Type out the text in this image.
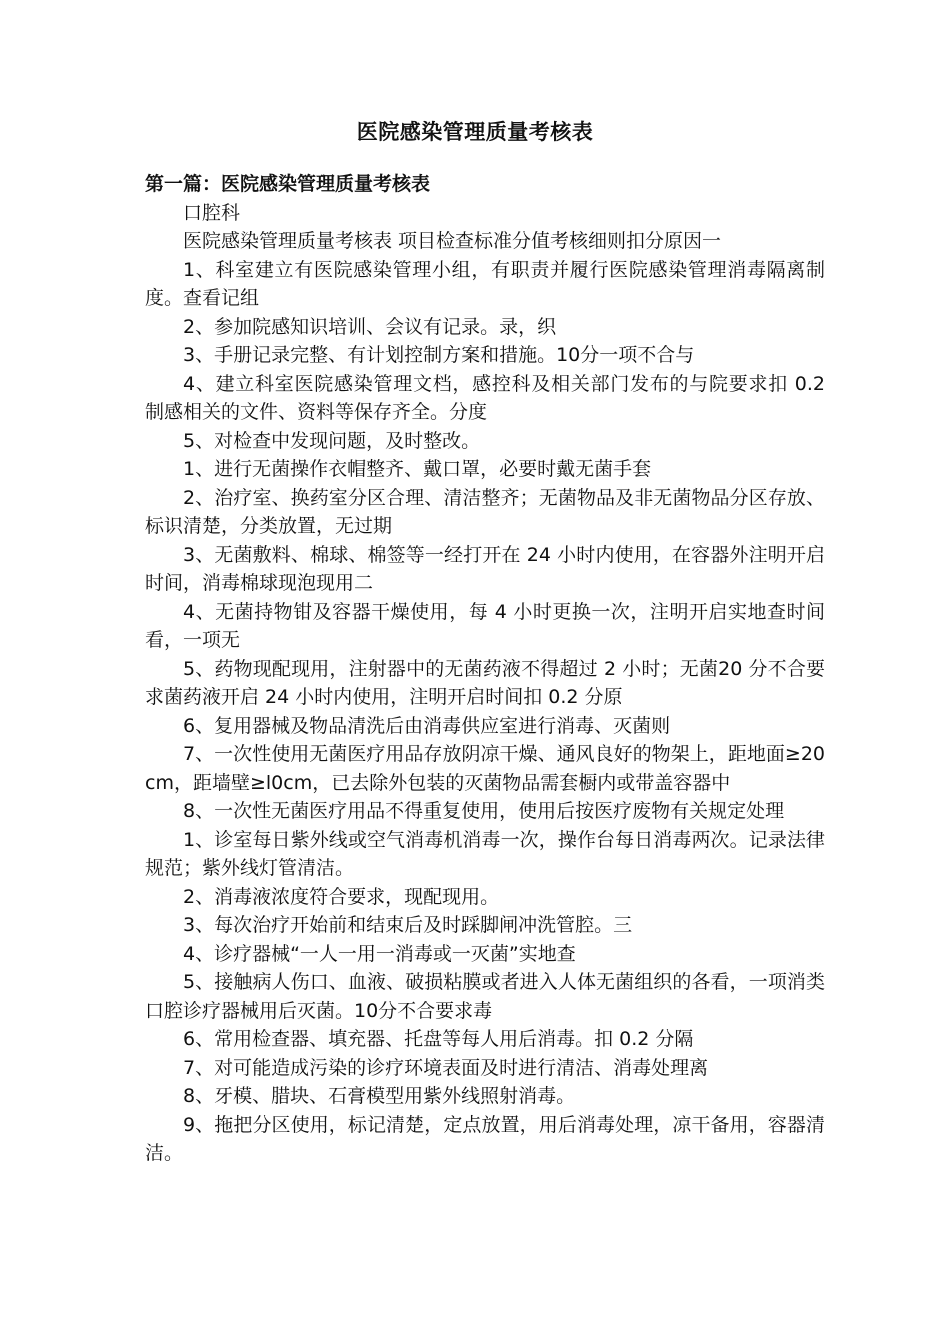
医院感染管理质量考核表

第一篇：医院感染管理质量考核表

口腔科

医院感染管理质量考核表 项目检查标准分值考核细则扣分原因一

1、科室建立有医院感染管理小组，有职责并履行医院感染管理消毒隔离制度。查看记组

2、参加院感知识培训、会议有记录。录，织

3、手册记录完整、有计划控制方案和措施。10分一项不合与

4、建立科室医院感染管理文档，感控科及相关部门发布的与院要求扣 0.2 制感相关的文件、资料等保存齐全。分度

5、对检查中发现问题，及时整改。

1、进行无菌操作衣帽整齐、戴口罩，必要时戴无菌手套

2、治疗室、换药室分区合理、清洁整齐；无菌物品及非无菌物品分区存放、标识清楚，分类放置，无过期

3、无菌敷料、棉球、棉签等一经打开在 24 小时内使用，在容器外注明开启时间，消毒棉球现泡现用二

4、无菌持物钳及容器干燥使用，每 4 小时更换一次，注明开启实地查时间看，一项无

5、药物现配现用，注射器中的无菌药液不得超过 2 小时；无菌20 分不合要求菌药液开启 24 小时内使用，注明开启时间扣 0.2 分原

6、复用器械及物品清洗后由消毒供应室进行消毒、灭菌则

7、一次性使用无菌医疗用品存放阴凉干燥、通风良好的物架上，距地面≥20cm，距墙壁≥l0cm，已去除外包装的灭菌物品需套橱内或带盖容器中

8、一次性无菌医疗用品不得重复使用，使用后按医疗废物有关规定处理

1、诊室每日紫外线或空气消毒机消毒一次，操作台每日消毒两次。记录法律规范；紫外线灯管清洁。

2、消毒液浓度符合要求，现配现用。

3、每次治疗开始前和结束后及时踩脚闸冲洗管腔。三

4、诊疗器械“一人一用一消毒或一灭菌”实地查

5、接触病人伤口、血液、破损粘膜或者进入人体无菌组织的各看，一项消类口腔诊疗器械用后灭菌。10分不合要求毒

6、常用检查器、填充器、托盘等每人用后消毒。扣 0.2 分隔

7、对可能造成污染的诊疗环境表面及时进行清洁、消毒处理离

8、牙模、腊块、石膏模型用紫外线照射消毒。

9、拖把分区使用，标记清楚，定点放置，用后消毒处理，凉干备用，容器清洁。
